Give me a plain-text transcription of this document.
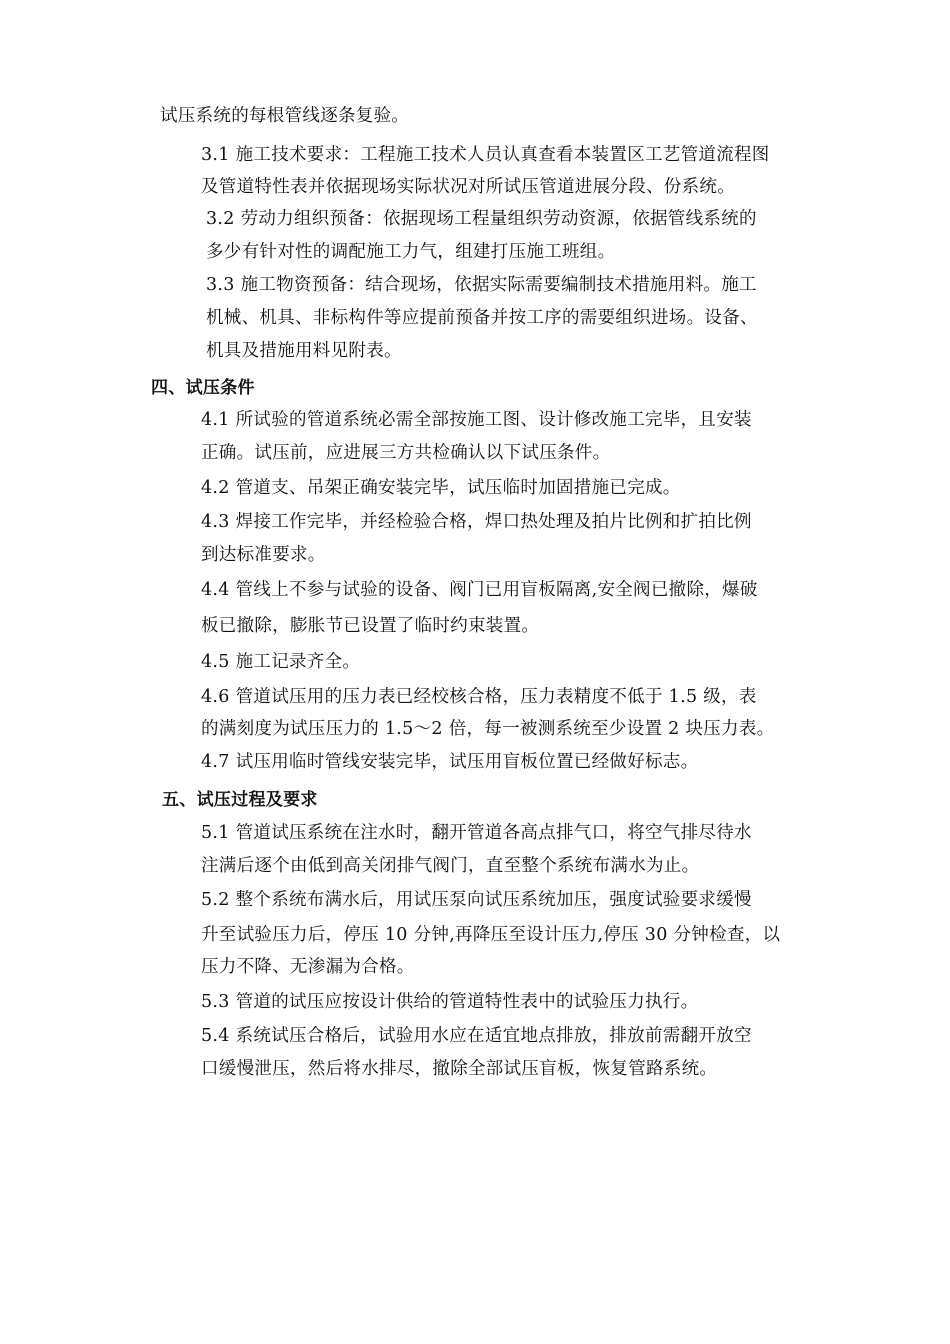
试压系统的每根管线逐条复验。
3.1 施工技术要求：工程施工技术人员认真查看本装置区工艺管道流程图
及管道特性表并依据现场实际状况对所试压管道进展分段、份系统。
3.2 劳动力组织预备：依据现场工程量组织劳动资源，依据管线系统的
多少有针对性的调配施工力气，组建打压施工班组。
3.3 施工物资预备：结合现场，依据实际需要编制技术措施用料。施工
机械、机具、非标构件等应提前预备并按工序的需要组织进场。设备、
机具及措施用料见附表。
四、试压条件
4.1 所试验的管道系统必需全部按施工图、设计修改施工完毕，且安装
正确。试压前，应进展三方共检确认以下试压条件。
4.2 管道支、吊架正确安装完毕，试压临时加固措施已完成。
4.3 焊接工作完毕，并经检验合格，焊口热处理及拍片比例和扩拍比例
到达标准要求。
4.4 管线上不参与试验的设备、阀门已用盲板隔离,安全阀已撤除，爆破
板已撤除，膨胀节已设置了临时约束装置。
4.5 施工记录齐全。
4.6 管道试压用的压力表已经校核合格，压力表精度不低于 1.5 级，表
的满刻度为试压压力的 1.5～2 倍，每一被测系统至少设置 2 块压力表。
4.7 试压用临时管线安装完毕，试压用盲板位置已经做好标志。
五、试压过程及要求
5.1 管道试压系统在注水时，翻开管道各高点排气口，将空气排尽待水
注满后逐个由低到高关闭排气阀门，直至整个系统布满水为止。
5.2 整个系统布满水后，用试压泵向试压系统加压，强度试验要求缓慢
升至试验压力后，停压 10 分钟,再降压至设计压力,停压 30 分钟检查，以
压力不降、无渗漏为合格。
5.3 管道的试压应按设计供给的管道特性表中的试验压力执行。
5.4 系统试压合格后，试验用水应在适宜地点排放，排放前需翻开放空
口缓慢泄压，然后将水排尽，撤除全部试压盲板，恢复管路系统。
